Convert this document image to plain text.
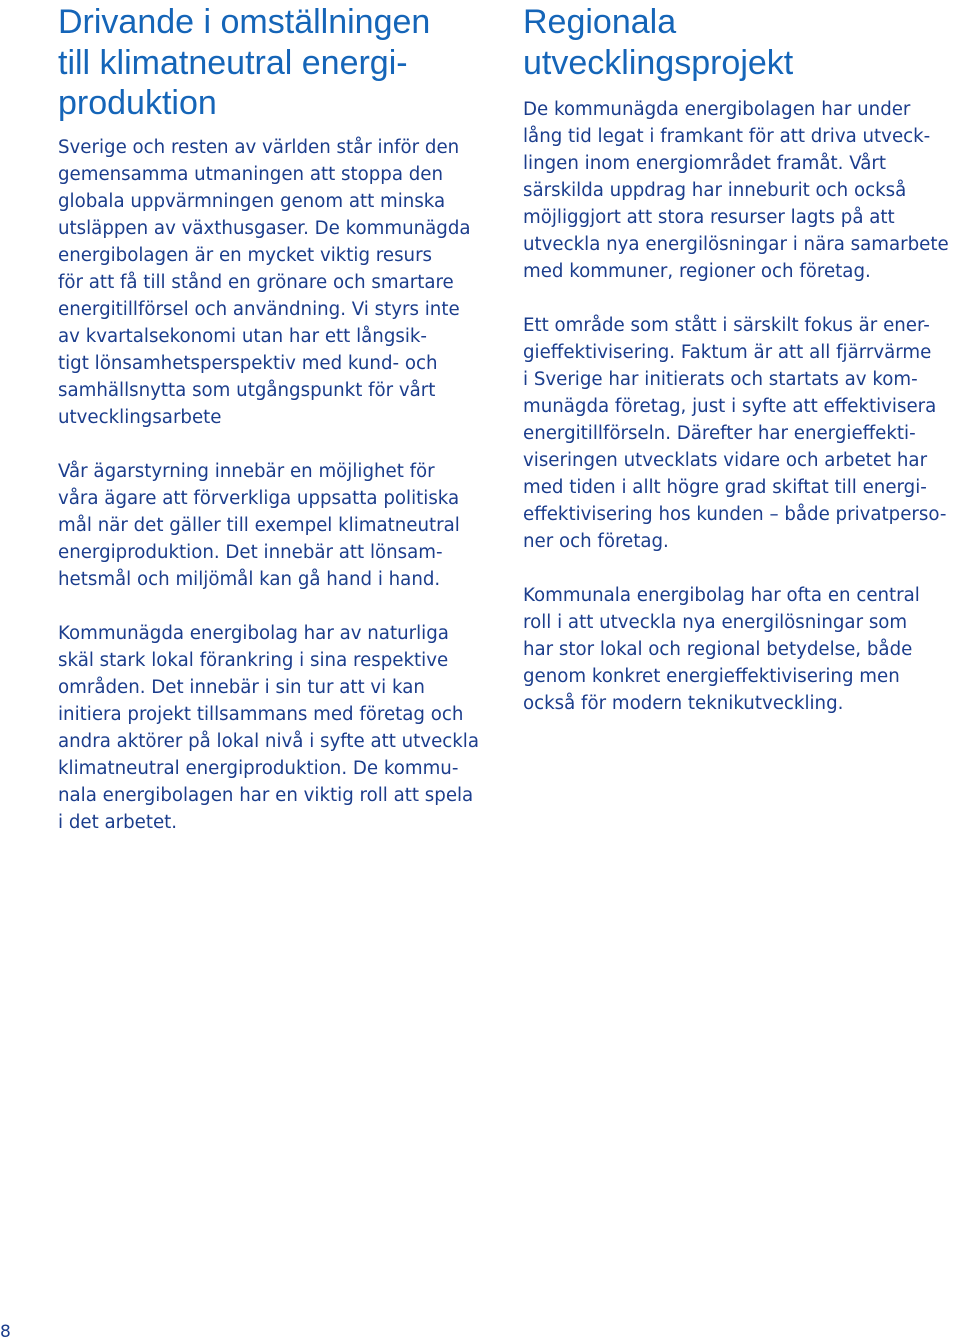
Drivande i omställningen
till klimatneutral energi-
produktion

Sverige och resten av världen står inför den
gemensamma utmaningen att stoppa den
globala uppvärmningen genom att minska
utsläppen av växthusgaser. De kommunägda
energibolagen är en mycket viktig resurs
för att få till stånd en grönare och smartare
energitillförsel och användning. Vi styrs inte
av kvartalsekonomi utan har ett långsik-
tigt lönsamhetsperspektiv med kund- och
samhällsnytta som utgångspunkt för vårt
utvecklingsarbete

Vår ägarstyrning innebär en möjlighet för
våra ägare att förverkliga uppsatta politiska
mål när det gäller till exempel klimatneutral
energiproduktion. Det innebär att lönsam-
hetsmål och miljömål kan gå hand i hand.

Kommunägda energibolag har av naturliga
skäl stark lokal förankring i sina respektive
områden. Det innebär i sin tur att vi kan
initiera projekt tillsammans med företag och
andra aktörer på lokal nivå i syfte att utveckla
klimatneutral energiproduktion. De kommu-
nala energibolagen har en viktig roll att spela
i det arbetet.

Regionala
utvecklingsprojekt

De kommunägda energibolagen har under
lång tid legat i framkant för att driva utveck-
lingen inom energiområdet framåt. Vårt
särskilda uppdrag har inneburit och också
möjliggjort att stora resurser lagts på att
utveckla nya energilösningar i nära samarbete
med kommuner, regioner och företag.

Ett område som stått i särskilt fokus är ener-
gieffektivisering. Faktum är att all fjärrvärme
i Sverige har initierats och startats av kom-
munägda företag, just i syfte att effektivisera
energitillförseln. Därefter har energieffekti-
viseringen utvecklats vidare och arbetet har
med tiden i allt högre grad skiftat till energi-
effektivisering hos kunden – både privatperso-
ner och företag.

Kommunala energibolag har ofta en central
roll i att utveckla nya energilösningar som
har stor lokal och regional betydelse, både
genom konkret energieffektivisering men
också för modern teknikutveckling.

8
